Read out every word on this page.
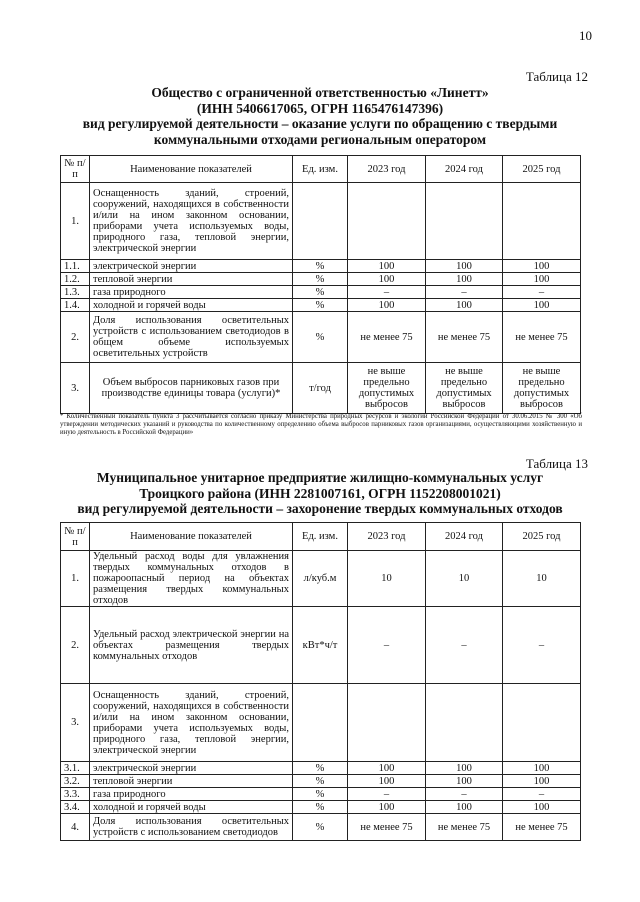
10
Таблица 12
Общество с ограниченной ответственностью «Линетт»
(ИНН 5406617065, ОГРН 1165476147396)
вид регулируемой деятельности – оказание услуги по обращению с твердыми
коммунальными отходами региональным оператором
№ п/п	Наименование показателей	Ед. изм.	2023 год	2024 год	2025 год
1.	Оснащенность зданий, строений, сооружений, находящихся в собственности и/или на ином законном основании, приборами учета используемых воды, природного газа, тепловой энергии, электрической энергии				
1.1.	электрической энергии	%	100	100	100
1.2.	тепловой энергии	%	100	100	100
1.3.	газа природного	%	–	–	–
1.4.	холодной и горячей воды	%	100	100	100
2.	Доля использования осветительных устройств с использованием светодиодов в общем объеме используемых осветительных устройств	%	не менее 75	не менее 75	не менее 75
3.	Объем выбросов парниковых газов при производстве единицы товара (услуги)*	т/год	не выше предельно допустимых выбросов	не выше предельно допустимых выбросов	не выше предельно допустимых выбросов
* Количественный показатель пункта 3 рассчитывается согласно приказу Министерства природных ресурсов и экологии Российской Федерации от 30.06.2015 № 300 «Об утверждении методических указаний и руководства по количественному определению объема выбросов парниковых газов организациями, осуществляющими хозяйственную и иную деятельность в Российской Федерации»
Таблица 13
Муниципальное унитарное предприятие жилищно-коммунальных услуг
Троицкого района (ИНН 2281007161, ОГРН 1152208001021)
вид регулируемой деятельности – захоронение твердых коммунальных отходов
№ п/п	Наименование показателей	Ед. изм.	2023 год	2024 год	2025 год
1.	Удельный расход воды для увлажнения твердых коммунальных отходов в пожароопасный период на объектах размещения твердых коммунальных отходов	л/куб.м	10	10	10
2.	Удельный расход электрической энергии на объектах размещения твердых коммунальных отходов	кВт*ч/т	–	–	–
3.	Оснащенность зданий, строений, сооружений, находящихся в собственности и/или на ином законном основании, приборами учета используемых воды, природного газа, тепловой энергии, электрической энергии				
3.1.	электрической энергии	%	100	100	100
3.2.	тепловой энергии	%	100	100	100
3.3.	газа природного	%	–	–	–
3.4.	холодной и горячей воды	%	100	100	100
4.	Доля использования осветительных устройств с использованием светодиодов	%	не менее 75	не менее 75	не менее 75
